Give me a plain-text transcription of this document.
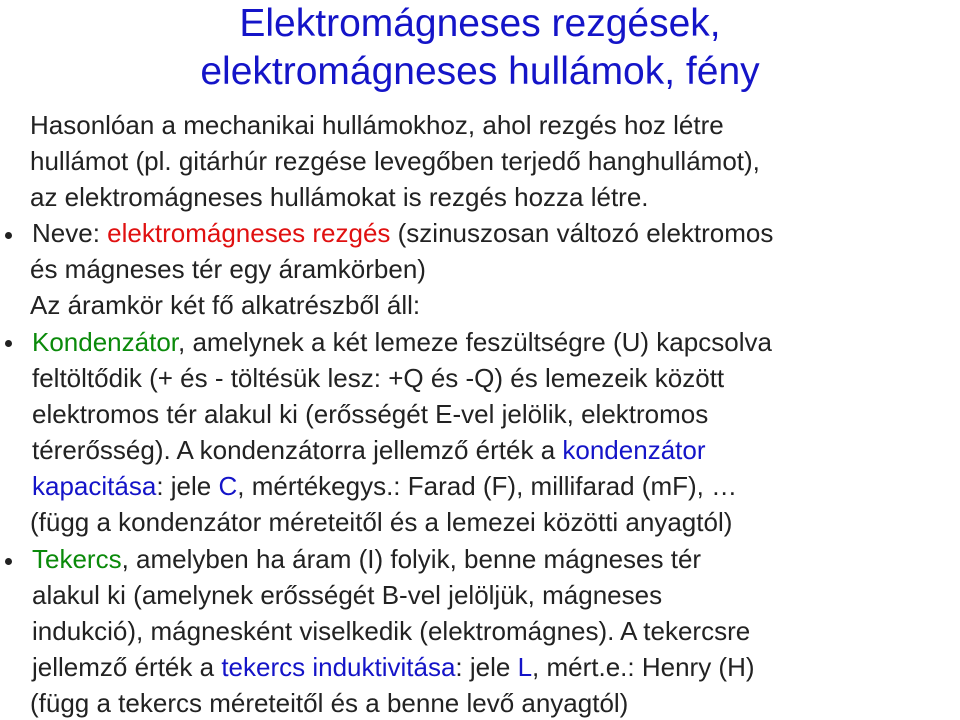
Elektromágneses rezgések,
elektromágneses hullámok, fény
Hasonlóan a mechanikai hullámokhoz, ahol rezgés hoz létre
hullámot (pl. gitárhúr rezgése levegőben terjedő hanghullámot),
az elektromágneses hullámokat is rezgés hozza létre.
Neve: elektromágneses rezgés (szinuszosan változó elektromos
és mágneses tér egy áramkörben)
Az áramkör két fő alkatrészből áll:
Kondenzátor, amelynek a két lemeze feszültségre (U) kapcsolva
feltöltődik (+ és - töltésük lesz: +Q és -Q) és lemezeik között
elektromos tér alakul ki (erősségét E-vel jelölik, elektromos
térerősség). A kondenzátorra jellemző érték a kondenzátor
kapacitása: jele C, mértékegys.: Farad (F), millifarad (mF), …
(függ a kondenzátor méreteitől és a lemezei közötti anyagtól)
Tekercs, amelyben ha áram (I) folyik, benne mágneses tér
alakul ki (amelynek erősségét B-vel jelöljük, mágneses
indukció), mágnesként viselkedik (elektromágnes). A tekercsre
jellemző érték a tekercs induktivitása: jele L, mért.e.: Henry (H)
(függ a tekercs méreteitől és a benne levő anyagtól)
